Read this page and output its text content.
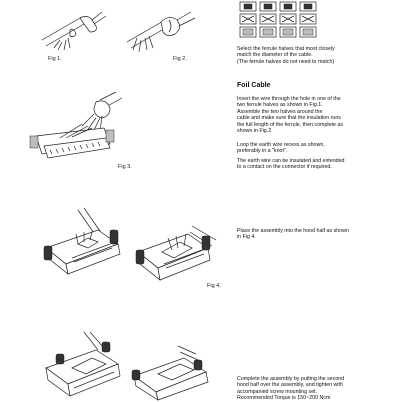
Fig 1.	Fig 2.

Select the ferrule halves that most closely

match the diameter of the cable.

(The ferrule halves do not need to match)

Foil Cable

Insert the wire through the hole in one of the

two ferrule halves as shown in Fig.1.

Assemble the two halves around the

cable and make sure that the insulation runs

the full length of the ferrule, then complete as

shown in Fig.2.

Loop the earth wire recess as shown,

preferably in a "knot".

The earth wire can be insulated and extended

to a contact on the connector if required.

Fig 3.
Fig 4.

Place the assembly into the hood half as shown

in Fig 4.

Complete the assembly by putting the second

hood half over the assembly, and tighten with

accompanied screw mounting set.

Recommended Torque is 150~200 Ncm
